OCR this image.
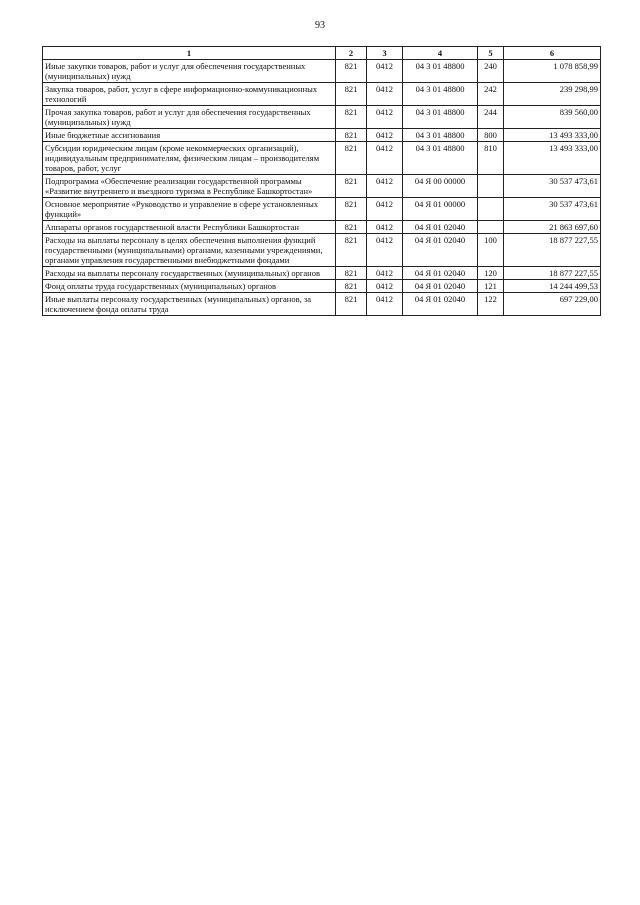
93
1	2	3	4	5	6
Иные закупки товаров, работ и услуг для обеспечения государственных (муниципальных) нужд	821	0412	04 3 01 48800	240	1 078 858,99
Закупка товаров, работ, услуг в сфере информационно-коммуникационных технологий	821	0412	04 3 01 48800	242	239 298,99
Прочая закупка товаров, работ и услуг для обеспечения государственных (муниципальных) нужд	821	0412	04 3 01 48800	244	839 560,00
Иные бюджетные ассигнования	821	0412	04 3 01 48800	800	13 493 333,00
Субсидии юридическим лицам (кроме некоммерческих организаций), индивидуальным предпринимателям, физическим лицам – производителям товаров, работ, услуг	821	0412	04 3 01 48800	810	13 493 333,00
Подпрограмма «Обеспечение реализации государственной программы «Развитие внутреннего и въездного туризма в Республике Башкортостан»	821	0412	04 Я 00 00000		30 537 473,61
Основное мероприятие «Руководство и управление в сфере установленных функций»	821	0412	04 Я 01 00000		30 537 473,61
Аппараты органов государственной власти Республики Башкортостан	821	0412	04 Я 01 02040		21 863 697,60
Расходы на выплаты персоналу в целях обеспечения выполнения функций государственными (муниципальными) органами, казенными учреждениями, органами управления государственными внебюджетными фондами	821	0412	04 Я 01 02040	100	18 877 227,55
Расходы на выплаты персоналу государственных (муниципальных) органов	821	0412	04 Я 01 02040	120	18 877 227,55
Фонд оплаты труда государственных (муниципальных) органов	821	0412	04 Я 01 02040	121	14 244 499,53
Иные выплаты персоналу государственных (муниципальных) органов, за исключением фонда оплаты труда	821	0412	04 Я 01 02040	122	697 229,00
